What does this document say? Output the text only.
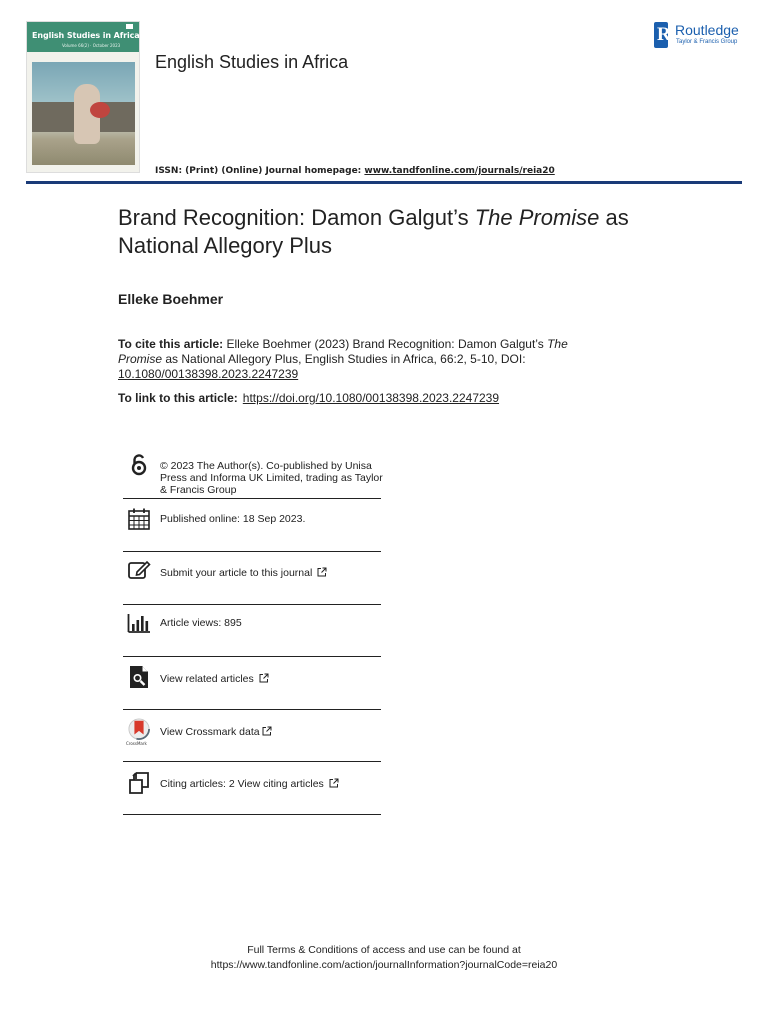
English Studies in Africa
Volume 66(2) · October 2023
English Studies in Africa
R Routledge
Taylor & Francis Group
ISSN: (Print) (Online) Journal homepage: www.tandfonline.com/journals/reia20
Brand Recognition: Damon Galgut’s The Promise as National Allegory Plus
Elleke Boehmer
To cite this article: Elleke Boehmer (2023) Brand Recognition: Damon Galgut’s The Promise as National Allegory Plus, English Studies in Africa, 66:2, 5-10, DOI: 10.1080/00138398.2023.2247239
To link to this article: https://doi.org/10.1080/00138398.2023.2247239
© 2023 The Author(s). Co-published by Unisa Press and Informa UK Limited, trading as Taylor & Francis Group
Published online: 18 Sep 2023.
Submit your article to this journal
Article views: 895
View related articles
CrossMark
View Crossmark data
Citing articles: 2 View citing articles
Full Terms & Conditions of access and use can be found at
https://www.tandfonline.com/action/journalInformation?journalCode=reia20
